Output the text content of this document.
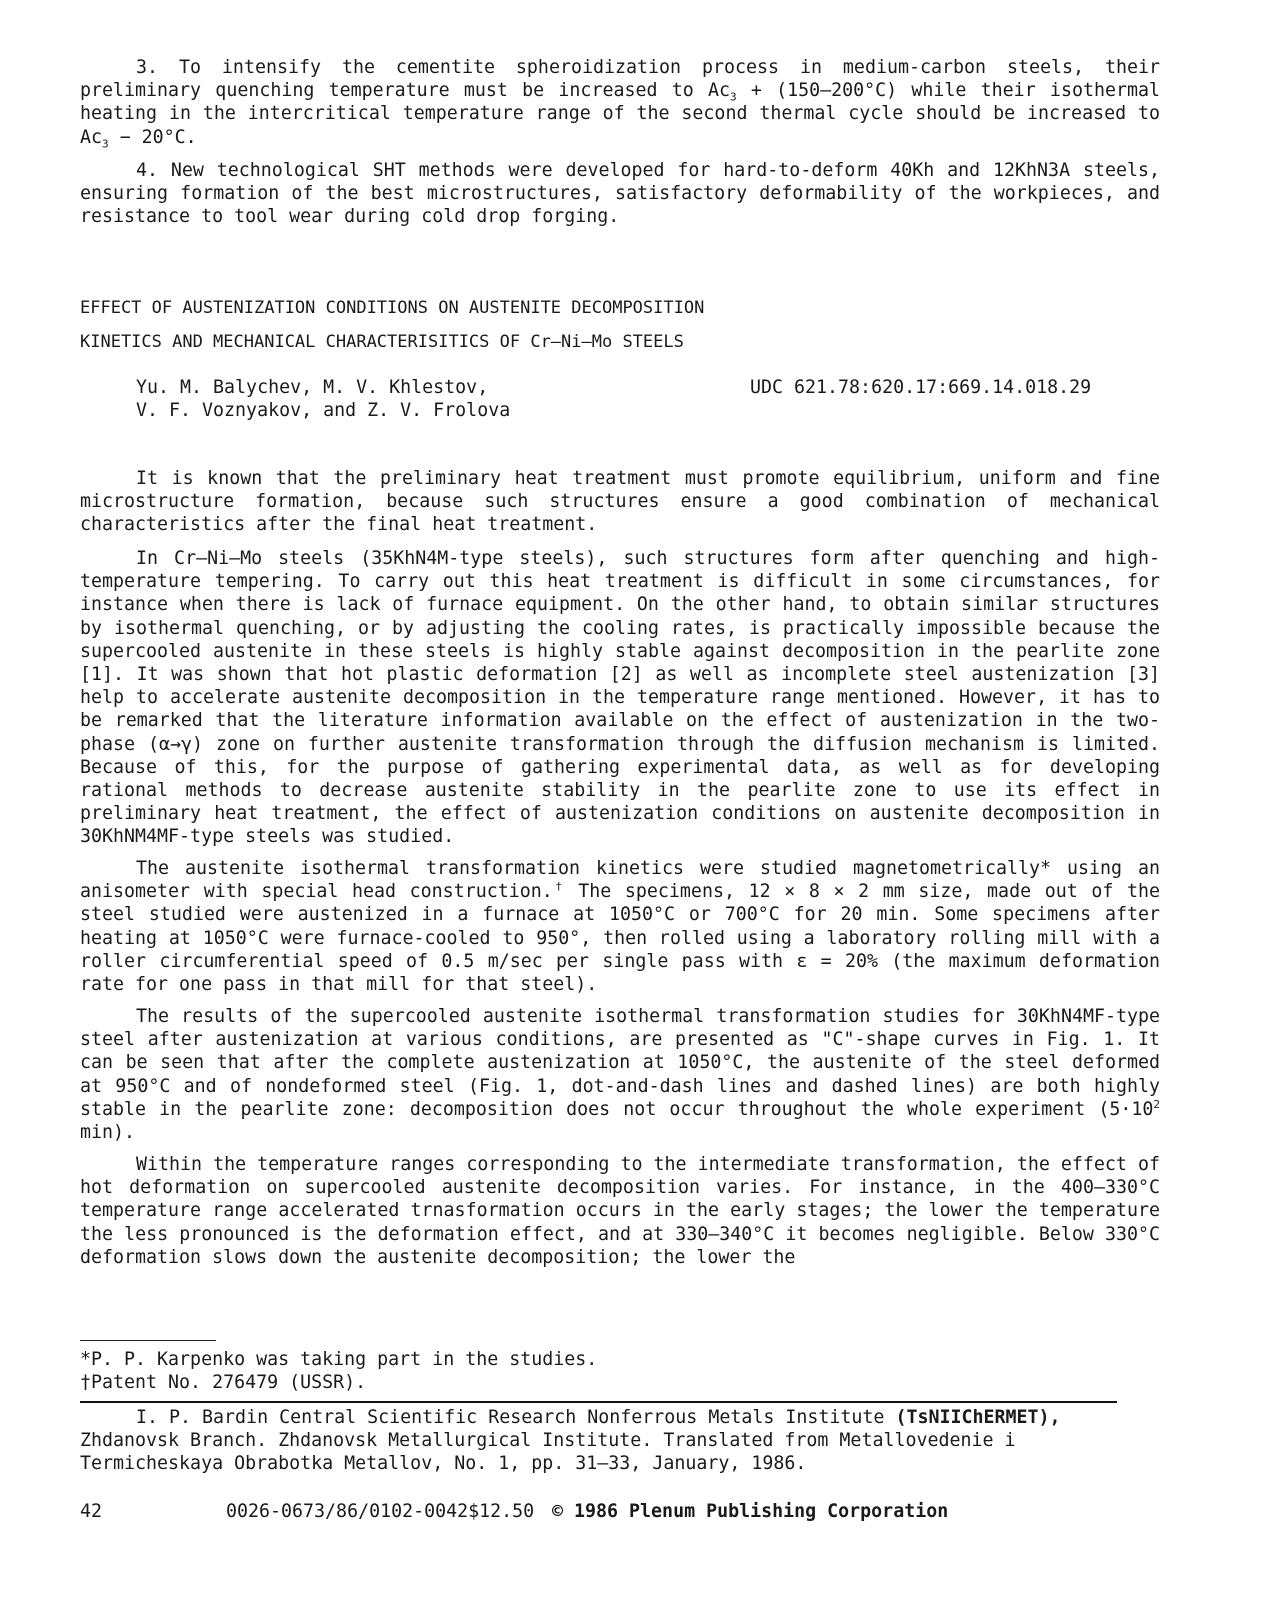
3. To intensify the cementite spheroidization process in medium-carbon steels, their preliminary quenching temperature must be increased to $Ac_3 + (150-200^\circ C)$ while their isothermal heating in the intercritical temperature range of the second thermal cycle should be increased to $Ac_3 - 20^\circ C$.

4. New technological SHT methods were developed for hard-to-deform 40Kh and 12KhN3A steels, ensuring formation of the best microstructures, satisfactory deformability of the workpieces, and resistance to tool wear during cold drop forging.

EFFECT OF AUSTENIZATION CONDITIONS ON AUSTENITE DECOMPOSITION
KINETICS AND MECHANICAL CHARACTERISITICS OF Cr–Ni–Mo STEELS
Yu. M. Balychev, M. V. Khlestov,
V. F. Voznyakov, and Z. V. Frolova
UDC 621.78:620.17:669.14.018.29

It is known that the preliminary heat treatment must promote equilibrium, uniform and fine microstructure formation, because such structures ensure a good combination of mechanical characteristics after the final heat treatment.

In Cr–Ni–Mo steels (35KhN4M-type steels), such structures form after quenching and high-temperature tempering. To carry out this heat treatment is difficult in some circumstances, for instance when there is lack of furnace equipment. On the other hand, to obtain similar structures by isothermal quenching, or by adjusting the cooling rates, is practically impossible because the supercooled austenite in these steels is highly stable against decomposition in the pearlite zone [1]. It was shown that hot plastic deformation [2] as well as incomplete steel austenization [3] help to accelerate austenite decomposition in the temperature range mentioned. However, it has to be remarked that the literature information available on the effect of austenization in the two-phase (α→γ) zone on further austenite transformation through the diffusion mechanism is limited. Because of this, for the purpose of gathering experimental data, as well as for developing rational methods to decrease austenite stability in the pearlite zone to use its effect in preliminary heat treatment, the effect of austenization conditions on austenite decomposition in 30KhNM4MF-type steels was studied.

The austenite isothermal transformation kinetics were studied magnetometrically* using an anisometer with special head construction.† The specimens, 12 × 8 × 2 mm size, made out of the steel studied were austenized in a furnace at 1050°C or 700°C for 20 min. Some specimens after heating at 1050°C were furnace-cooled to 950°, then rolled using a laboratory rolling mill with a roller circumferential speed of 0.5 m/sec per single pass with ε = 20% (the maximum deformation rate for one pass in that mill for that steel).

The results of the supercooled austenite isothermal transformation studies for 30KhN4MF-type steel after austenization at various conditions, are presented as "C"-shape curves in Fig. 1. It can be seen that after the complete austenization at 1050°C, the austenite of the steel deformed at 950°C and of nondeformed steel (Fig. 1, dot-and-dash lines and dashed lines) are both highly stable in the pearlite zone: decomposition does not occur throughout the whole experiment ($5\cdot 10^2$ min).

Within the temperature ranges corresponding to the intermediate transformation, the effect of hot deformation on supercooled austenite decomposition varies. For instance, in the 400–330°C temperature range accelerated trnasformation occurs in the early stages; the lower the temperature the less pronounced is the deformation effect, and at 330–340°C it becomes negligible. Below 330°C deformation slows down the austenite decomposition; the lower the

*P. P. Karpenko was taking part in the studies.
†Patent No. 276479 (USSR).
I. P. Bardin Central Scientific Research Nonferrous Metals Institute (TsNIIChERMET),
Zhdanovsk Branch. Zhdanovsk Metallurgical Institute. Translated from Metallovedenie i Termicheskaya Obrabotka Metallov, No. 1, pp. 31–33, January, 1986.
42	0026-0673/86/0102-0042$12.50 © 1986 Plenum Publishing Corporation
